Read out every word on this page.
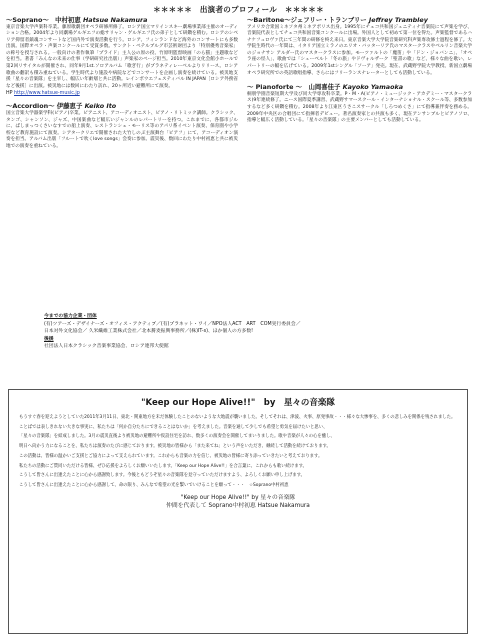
＊＊＊＊＊　出演者のプロフィール　＊＊＊＊＊
～Soprano～　中村初恵 Hatsue Nakamura

東京音楽大学声楽科卒業。藤原歌劇団オペラ研修所修了。ロシア国立マリインスキー劇場事業部主催のオーディション合格。2004年より同劇場ゲルギエフの総サリャン・ゲルギエフ氏の弟子として研鑽を積む。ロシアのシベリア抑留者鎮魂コンサートなど国内外で演奏活動を行う。ロシア、フィンランドなど海外のコンサートにも多数出演。国際オペラ・声楽コンクールにて受賞多数。サンクト・ペテルブルグ市芸術財団より「特別優秀音楽家」の称号を授与される。一般向けの著作執筆「プライド」主人公の原の役、竹原明監督映画「のら猫」主題歌などを担当。著書「みんなの未来の仕事（学研研究社出版）」声楽家のページ担当。2010年東京文化会館小ホールで第2回リサイタルが開催され、同年9月1st.ソロアルバム「歌ぎ行」がプラネティレーベルよりリリース。ロシア歌曲の翻訳も積み重ねている。学生時代より施設や病院などでコンサートを企画し演奏を続けている。被災地支援「星々の音楽隊」を主宰し、幅広い年齢層と共に活動。レインボウエフェスティバル IN JAPAN［ロシア外務省など後援］に出演。被災地には数回にわたり訪れ、20ヶ所近い避難所にて演奏。

HP http://www.hatsue-music.jp
～Accordion～ 伊藤恵子 Keiko Ito

国立音楽大学器楽学科(ピアノ)卒業。ピアニスト、アコーディオニスト、ピアノ・リトミック講師。クラシック、タンゴ、シャンソン、ジャズ、中国楽曲など幅広いジャンルのレパートリーを持つ。これまでに、各都市ジルに、ぱしまっつくさいなすでの船上演奏、レストランシェ・モーリス等のアパリ系イベント演奏、保育園や小学校など教育施設にて演奏。シアタークリエで開催された大竹しのぶ主演舞台「ピアフ」にて、アコーディオン演奏を担当。アルバム出版「フルートで吹くlove songs」会奏に参加。震災後、数回にわたり中村初恵と共に被災地での演奏を重ねている。

～Baritone～ジェフリー・トランブリー Jeffrey Trambley

アメリカ合衆国ミネソタ州ミネアポリス出身。1995年にチェコ共和国ジュニティナ音楽院にて声楽を学び、音楽院代表としてチェコ共和国音楽コンクールに出場。外国人として初めて第一位を得た。声楽監督であるハナケフュロヴァ氏にて三年間の研修を終え来日。東京音楽大学大学院音楽研究科声楽専攻修士過程を修了。大学院生時代の一年間は、イタリア国立ミラノのエリオ・バッターリア氏のマスタークラスやベルリン音楽大学のジョナサン アルダー氏のマスタークラスに参加。モーツァルトの「魔笛」や「ドン・ジョバンニ」、「オペラ座の怪人」、歌曲では「シューベルト「冬の旅」やドヴォルザーク「聖書の歌」など、様々な曲を歌い、レパートリーの幅を広げている。2009年1stシングル「ソーア」発売。現在、武蔵野学院大学教授、新国立劇場オペラ研究所での英語歌唱指導、さらにはフリーランスナレーターとしても活動している。

～ Pianoforte ～　山岡喜佳子 Kayoko Yamaoka

桐朋学園音楽短期大学及び同大学専攻科卒業。P・M・A(ピアノ・ミュージック・アカデミー・マスタークラス)9年連続修了。ニース国際夏季講習、武蔵野サマースクール・インターナショナル・スクール等、多数参加するなど多く研鑽を積む。2008年より江東区うさこスサークル「しろつめくさ」にて指導兼伴奏を務める。2009年中央区の合唱団にて指揮者デビュー。著名演奏家との共演も多く、現在アンサンブルとピアノソロ、指導と幅広く活動している。「星々の音楽隊」の主要メンバーとしても活動している。

今までの協力企業・団体
(有)ツアーズ・デザイナーズ・オフィス・アクティブ／(有)プラネット・ワイ／NPO法人ACT　ART　COM実行委員会／
日本対外文化協会／ 久米繊維工業株式会社／北本蕎麦振興事務所／(株)IT-s)、ほか個人の方多数!
後援
社団法人日本クラシック音楽事業協会、ロシア連邦大使館
"Keep our Hope Alive!!"　by　星々の音楽隊

もうすぐ春を迎えようとしていた2011年3月11日、東北・関東地方を未だ体験したことのないような大地震が襲いました。そしてそれは、津波、火事、原発事故・・・様々な大惨事を、多くの悲しみを関係を残されました。

ことばでは表しきれない大きな事実に、私たちは「何か自分たちにできることはないか」を考えました。音楽を通して少しでも希望と勇気を届けたいと思い、

「星々の音楽隊」を結成しました。3月の震災直後より被災地の避難所や仮設住宅を訪れ、数多くの演奏会を開催してまいりました。歌や音楽が人々の心を癒し、

明日へ向かう力になることを、私たちは演奏のたびに感じております。被災地の皆様から「また来てね」という声をいただき、継続して活動を続けております。

この活動は、皆様の温かいご支援とご協力によって支えられています。これからも音楽の力を信じ、被災地の皆様に寄り添っていきたいと考えております。

私たちの活動にご賛同いただける皆様、ぜひ応援をよろしくお願いいたします。「Keep our Hope Alive!!」を合言葉に、これからも歌い続けます。

こうして皆さんに出逢えたことに心から感謝致します。今後ともどうぞ星々の音楽隊を見守っていただけますよう、よろしくお願い申し上げます。

こうして皆さんに出逢えたことに心から感謝して、命の限り、みんなで希望の光を繋いでいけることを願って・・・　☆Soprano中村初恵

"Keep our Hope Alive!!" by 星々の音楽隊
仲間を代表して Soprano中村初恵 Hatsue Nakamura
